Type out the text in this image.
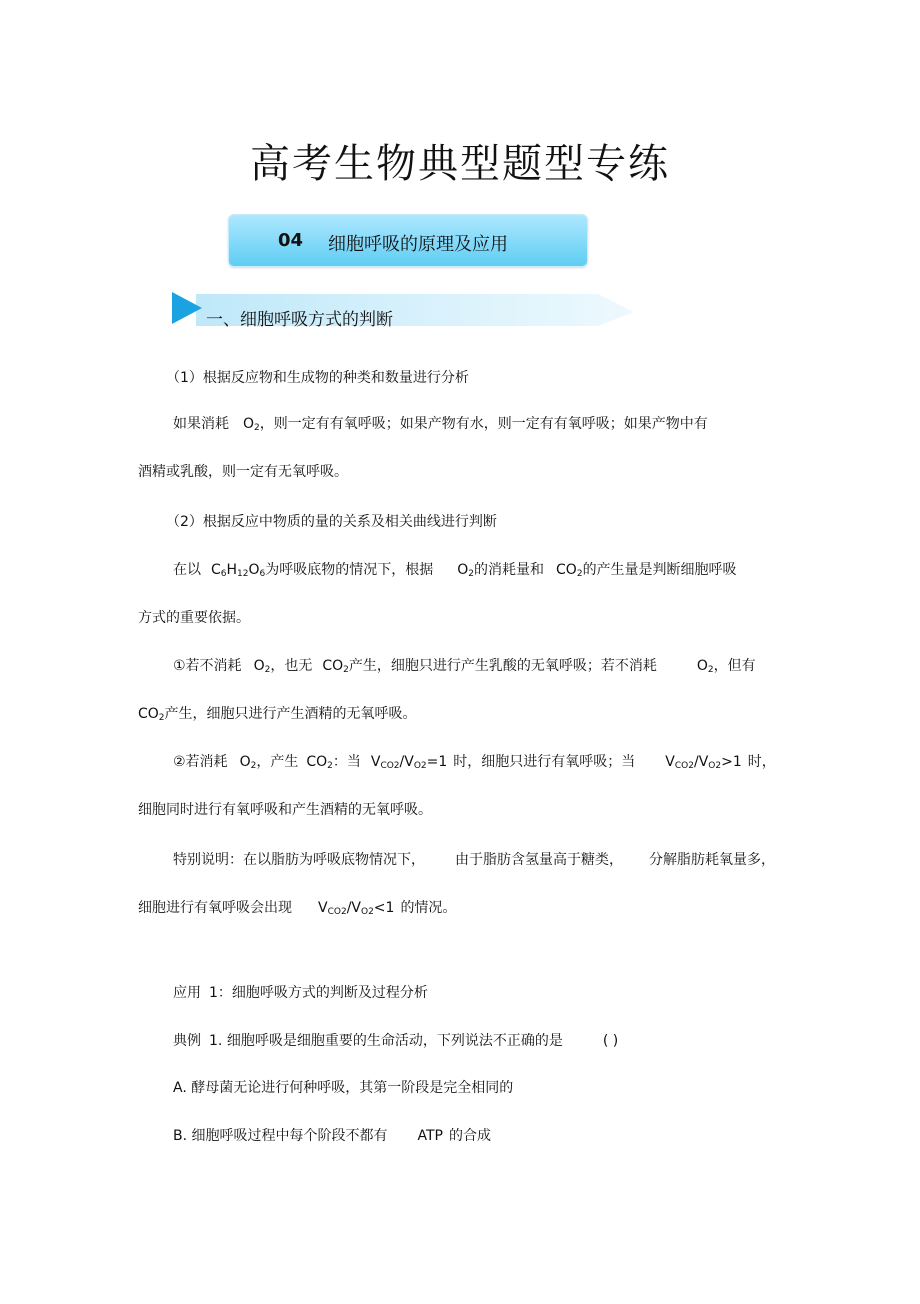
高考生物典型题型专练
04 细胞呼吸的原理及应用
一、细胞呼吸方式的判断
（1）根据反应物和生成物的种类和数量进行分析
如果消耗 $O_2$，则一定有有氧呼吸；如果产物有水，则一定有有氧呼吸；如果产物中有
酒精或乳酸，则一定有无氧呼吸。
（2）根据反应中物质的量的关系及相关曲线进行判断
在以 $C_6H_{12}O_6$为呼吸底物的情况下，根据 $O_2$的消耗量和 $CO_2$的产生量是判断细胞呼吸
方式的重要依据。
①若不消耗 $O_2$，也无 $CO_2$产生，细胞只进行产生乳酸的无氧呼吸；若不消耗	$O_2$，但有
$CO_2$产生，细胞只进行产生酒精的无氧呼吸。
②若消耗 $O_2$，产生 $CO_2$：当 $V_{CO2}/V_{O2}=1$ 时，细胞只进行有氧呼吸；当 $V_{CO2}/V_{O2}>1$ 时，
细胞同时进行有氧呼吸和产生酒精的无氧呼吸。
特别说明：在以脂肪为呼吸底物情况下， 由于脂肪含氢量高于糖类， 分解脂肪耗氧量多，
细胞进行有氧呼吸会出现 $V_{CO2}/V_{O2}<1$ 的情况。
应用 1：细胞呼吸方式的判断及过程分析
典例 1. 细胞呼吸是细胞重要的生命活动，下列说法不正确的是	( )
A. 酵母菌无论进行何种呼吸，其第一阶段是完全相同的
B. 细胞呼吸过程中每个阶段不都有 ATP 的合成
